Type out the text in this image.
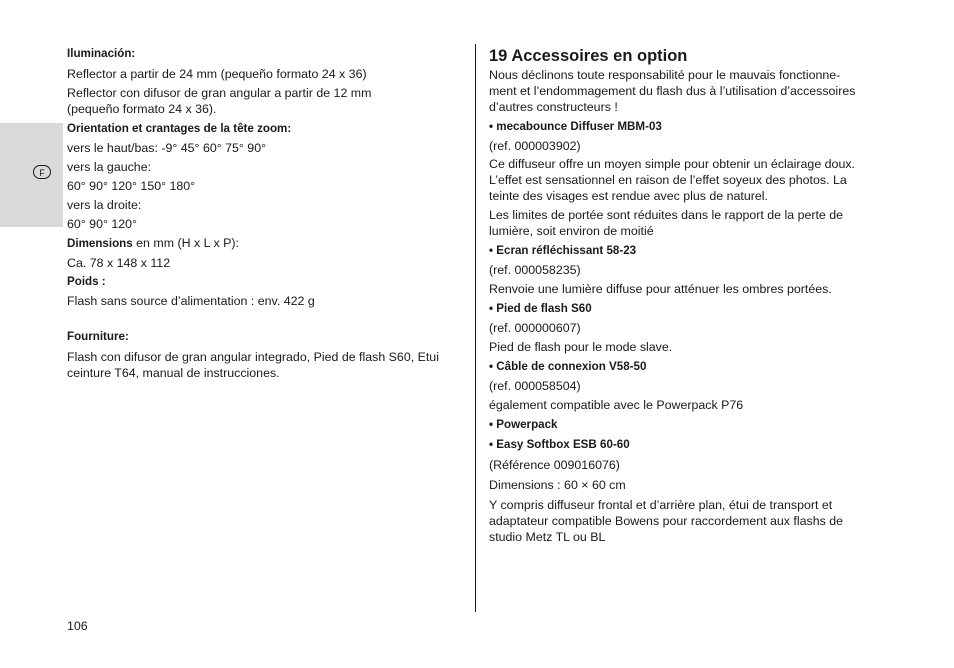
F

Iluminación:

Reflector a partir de 24 mm (pequeño formato 24 x 36)

Reflector con difusor de gran angular a partir de 12 mm

(pequeño formato 24 x 36).

Orientation et crantages de la tête zoom:

vers le haut/bas: -9° 45° 60° 75° 90°

vers la gauche:

60° 90° 120° 150° 180°

vers la droite:

60° 90° 120°

Dimensions en mm (H x L x P):

Ca. 78 x 148 x 112

Poids :

Flash sans source d’alimentation : env. 422 g

Fourniture:

Flash con difusor de gran angular integrado, Pied de flash S60, Etui

ceinture T64, manual de instrucciones.

19 Accessoires en option

Nous déclinons toute responsabilité pour le mauvais fonctionne-

ment et l’endommagement du flash dus à l’utilisation d’accessoires

d’autres constructeurs !

• mecabounce Diffuser MBM-03

(ref. 000003902)

Ce diffuseur offre un moyen simple pour obtenir un éclairage doux.

L’effet est sensationnel en raison de l’effet soyeux des photos. La

teinte des visages est rendue avec plus de naturel.

Les limites de portée sont réduites dans le rapport de la perte de

lumière, soit environ de moitié

• Ecran réfléchissant 58-23

(ref. 000058235)

Renvoie une lumière diffuse pour atténuer les ombres portées.

• Pied de flash S60

(ref. 000000607)

Pied de flash pour le mode slave.

• Câble de connexion V58-50

(ref. 000058504)

également compatible avec le Powerpack P76

• Powerpack

• Easy Softbox ESB 60-60

(Référence 009016076)

Dimensions : 60 × 60 cm

Y compris diffuseur frontal et d’arrière plan, étui de transport et

adaptateur compatible Bowens pour raccordement aux flashs de

studio Metz TL ou BL

106
